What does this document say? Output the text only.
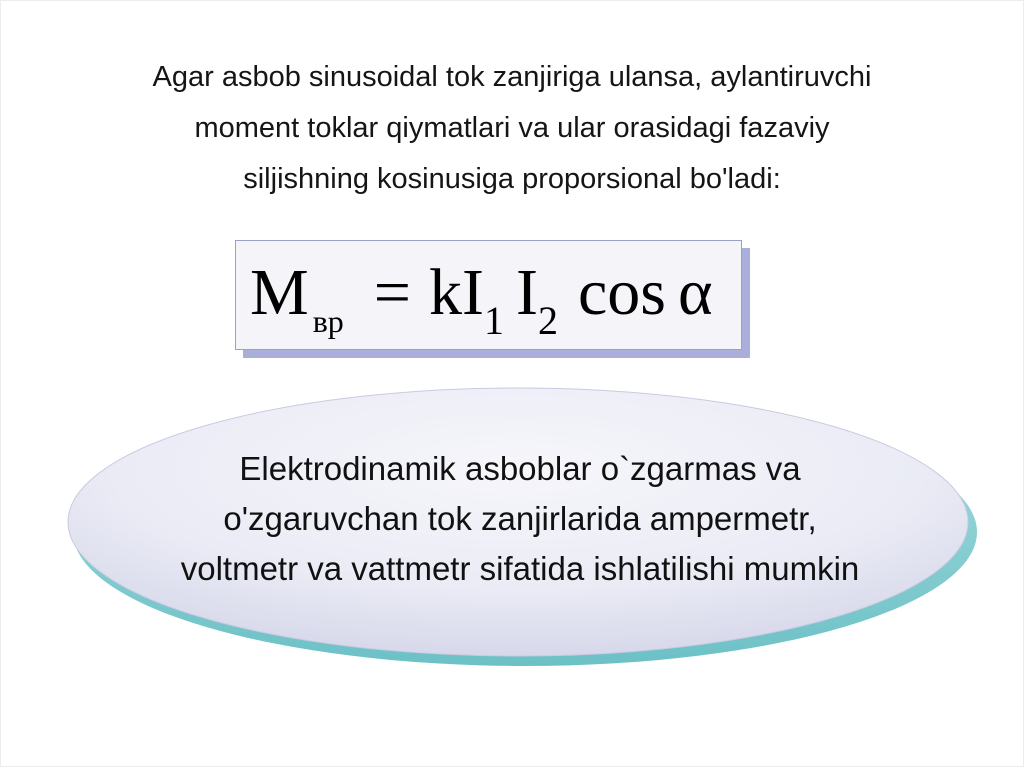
Agar asbob sinusoidal tok zanjiriga ulansa, aylantiruvchi
moment toklar qiymatlari va ular orasidagi fazaviy
siljishning kosinusiga proporsional bo'ladi:
Mвр = kI1 I2 cos α
Elektrodinamik asboblar o`zgarmas va
o'zgaruvchan tok zanjirlarida ampermetr,
voltmetr va vattmetr sifatida ishlatilishi mumkin
